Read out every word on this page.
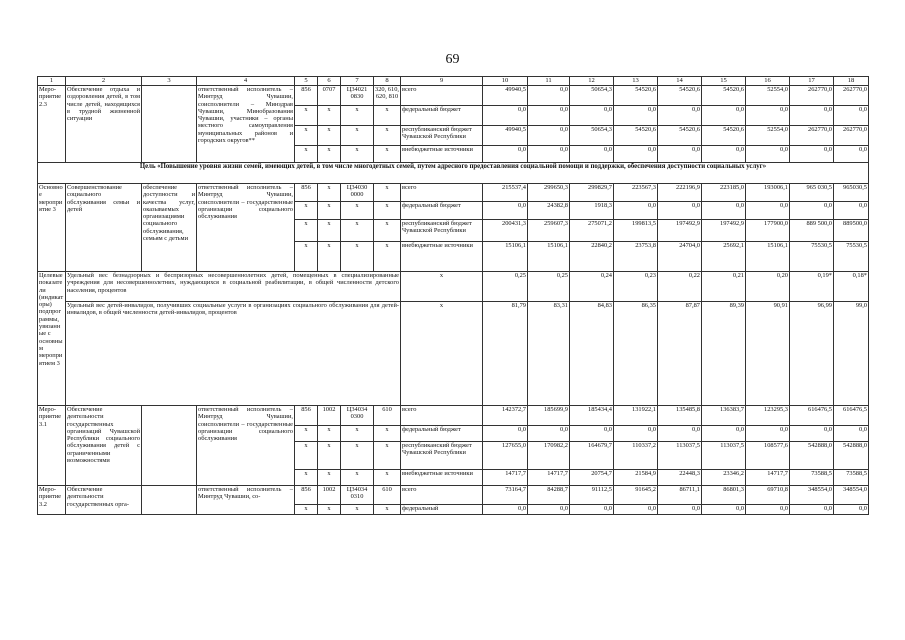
69
1	2	3	4	5	6	7	8	9	10	11	12	13	14	15	16	17	18
Меро-приятие 2.3	Обеспечение отдыха и оздоровления детей, в том числе детей, находящихся в трудной жизненной ситуации		ответственный исполнитель – Минтруд Чувашии, соисполнители – Минздрав Чувашии, Минобразования Чувашии, участники – органы местного самоуправления муниципальных районов и городских округов**	856	0707	Ц34021 0830	320, 610, 620, 810	всего	49940,5	0,0	50654,3	54520,6	54520,6	54520,6	52554,0	262770,0	262770,0
				x	x	x	x	федеральный бюджет	0,0	0,0	0,0	0,0	0,0	0,0	0,0	0,0	0,0
				x	x	x	x	республиканский бюджет Чувашской Республики	49940,5	0,0	50654,3	54520,6	54520,6	54520,6	52554,0	262770,0	262770,0
				x	x	x	x	внебюджетные источники	0,0	0,0	0,0	0,0	0,0	0,0	0,0	0,0	0,0
Цель «Повышение уровня жизни семей, имеющих детей, в том числе многодетных семей, путем адресного предоставления социальной помощи и поддержки, обеспечения доступности социальных услуг»																	
Основное мероприятие 3	Совершенствование социального обслуживания семьи и детей	обеспечение доступности и качества услуг, оказываемых организациями социального обслуживания, семьям с детьми	ответственный исполнитель – Минтруд Чувашии, соисполнители – государственные организации социального обслуживания	856	x	Ц34030 0000	x	всего	215537,4	299650,3	299829,7	223567,3	222196,9	223185,0	193006,1	965 030,5	965030,5
				x	x	x	x	федеральный бюджет	0,0	24382,8	1918,3	0,0	0,0	0,0	0,0	0,0	0,0
				x	x	x	x	республиканский бюджет Чувашской Республики	200431,3	259607,3	275071,2	199813,5	197492,9	197492,9	177900,0	889 500,0	889500,0
				x	x	x	x	внебюджетные источники	15106,1	15106,1	22840,2	23753,8	24704,0	25692,1	15106,1	75530,5	75530,5
Целевые показатели (индикаторы) подпрограммы, увязанные с основным мероприятием 3	Удельный вес безнадзорных и беспризорных несовершеннолетних детей, помещенных в специализированные учреждения для несовершеннолетних, нуждающихся в социальной реабилитации, в общей численности детского населения, процентов							x	0,25	0,25	0,24	0,23	0,22	0,21	0,20	0,19*	0,18*
	Удельный вес детей-инвалидов, получивших социальные услуги в организациях социального обслуживания для детей-инвалидов, в общей численности детей-инвалидов, процентов							x	81,79	83,31	84,83	86,35	87,87	89,39	90,91	96,99	99,0
Меро-приятие 3.1	Обеспечение деятельности государственных организаций Чувашской Республики социального обслуживания детей с ограниченными возможностями		ответственный исполнитель – Минтруд Чувашии, соисполнители – государственные организации социального обслуживания	856	1002	Ц34034 0300	610	всего	142372,7	185699,9	185434,4	131922,1	135485,8	136383,7	123295,3	616476,5	616476,5
				x	x	x	x	федеральный бюджет	0,0	0,0	0,0	0,0	0,0	0,0	0,0	0,0	0,0
				x	x	x	x	республиканский бюджет Чувашской Республики	127655,0	170982,2	164679,7	110337,2	113037,5	113037,5	108577,6	542888,0	542888,0
				x	x	x	x	внебюджетные источники	14717,7	14717,7	20754,7	21584,9	22448,3	23346,2	14717,7	73588,5	73588,5
Меро-приятие 3.2	Обеспечение деятельности государственных орга-		ответственный исполнитель – Минтруд Чувашии, со-	856	1002	Ц34034 0310	610	всего	73164,7	84288,7	91112,5	91645,2	86711,1	86801,3	69710,8	348554,0	348554,0
				x	x	x	x	федеральный	0,0	0,0	0,0	0,0	0,0	0,0	0,0	0,0	0,0
